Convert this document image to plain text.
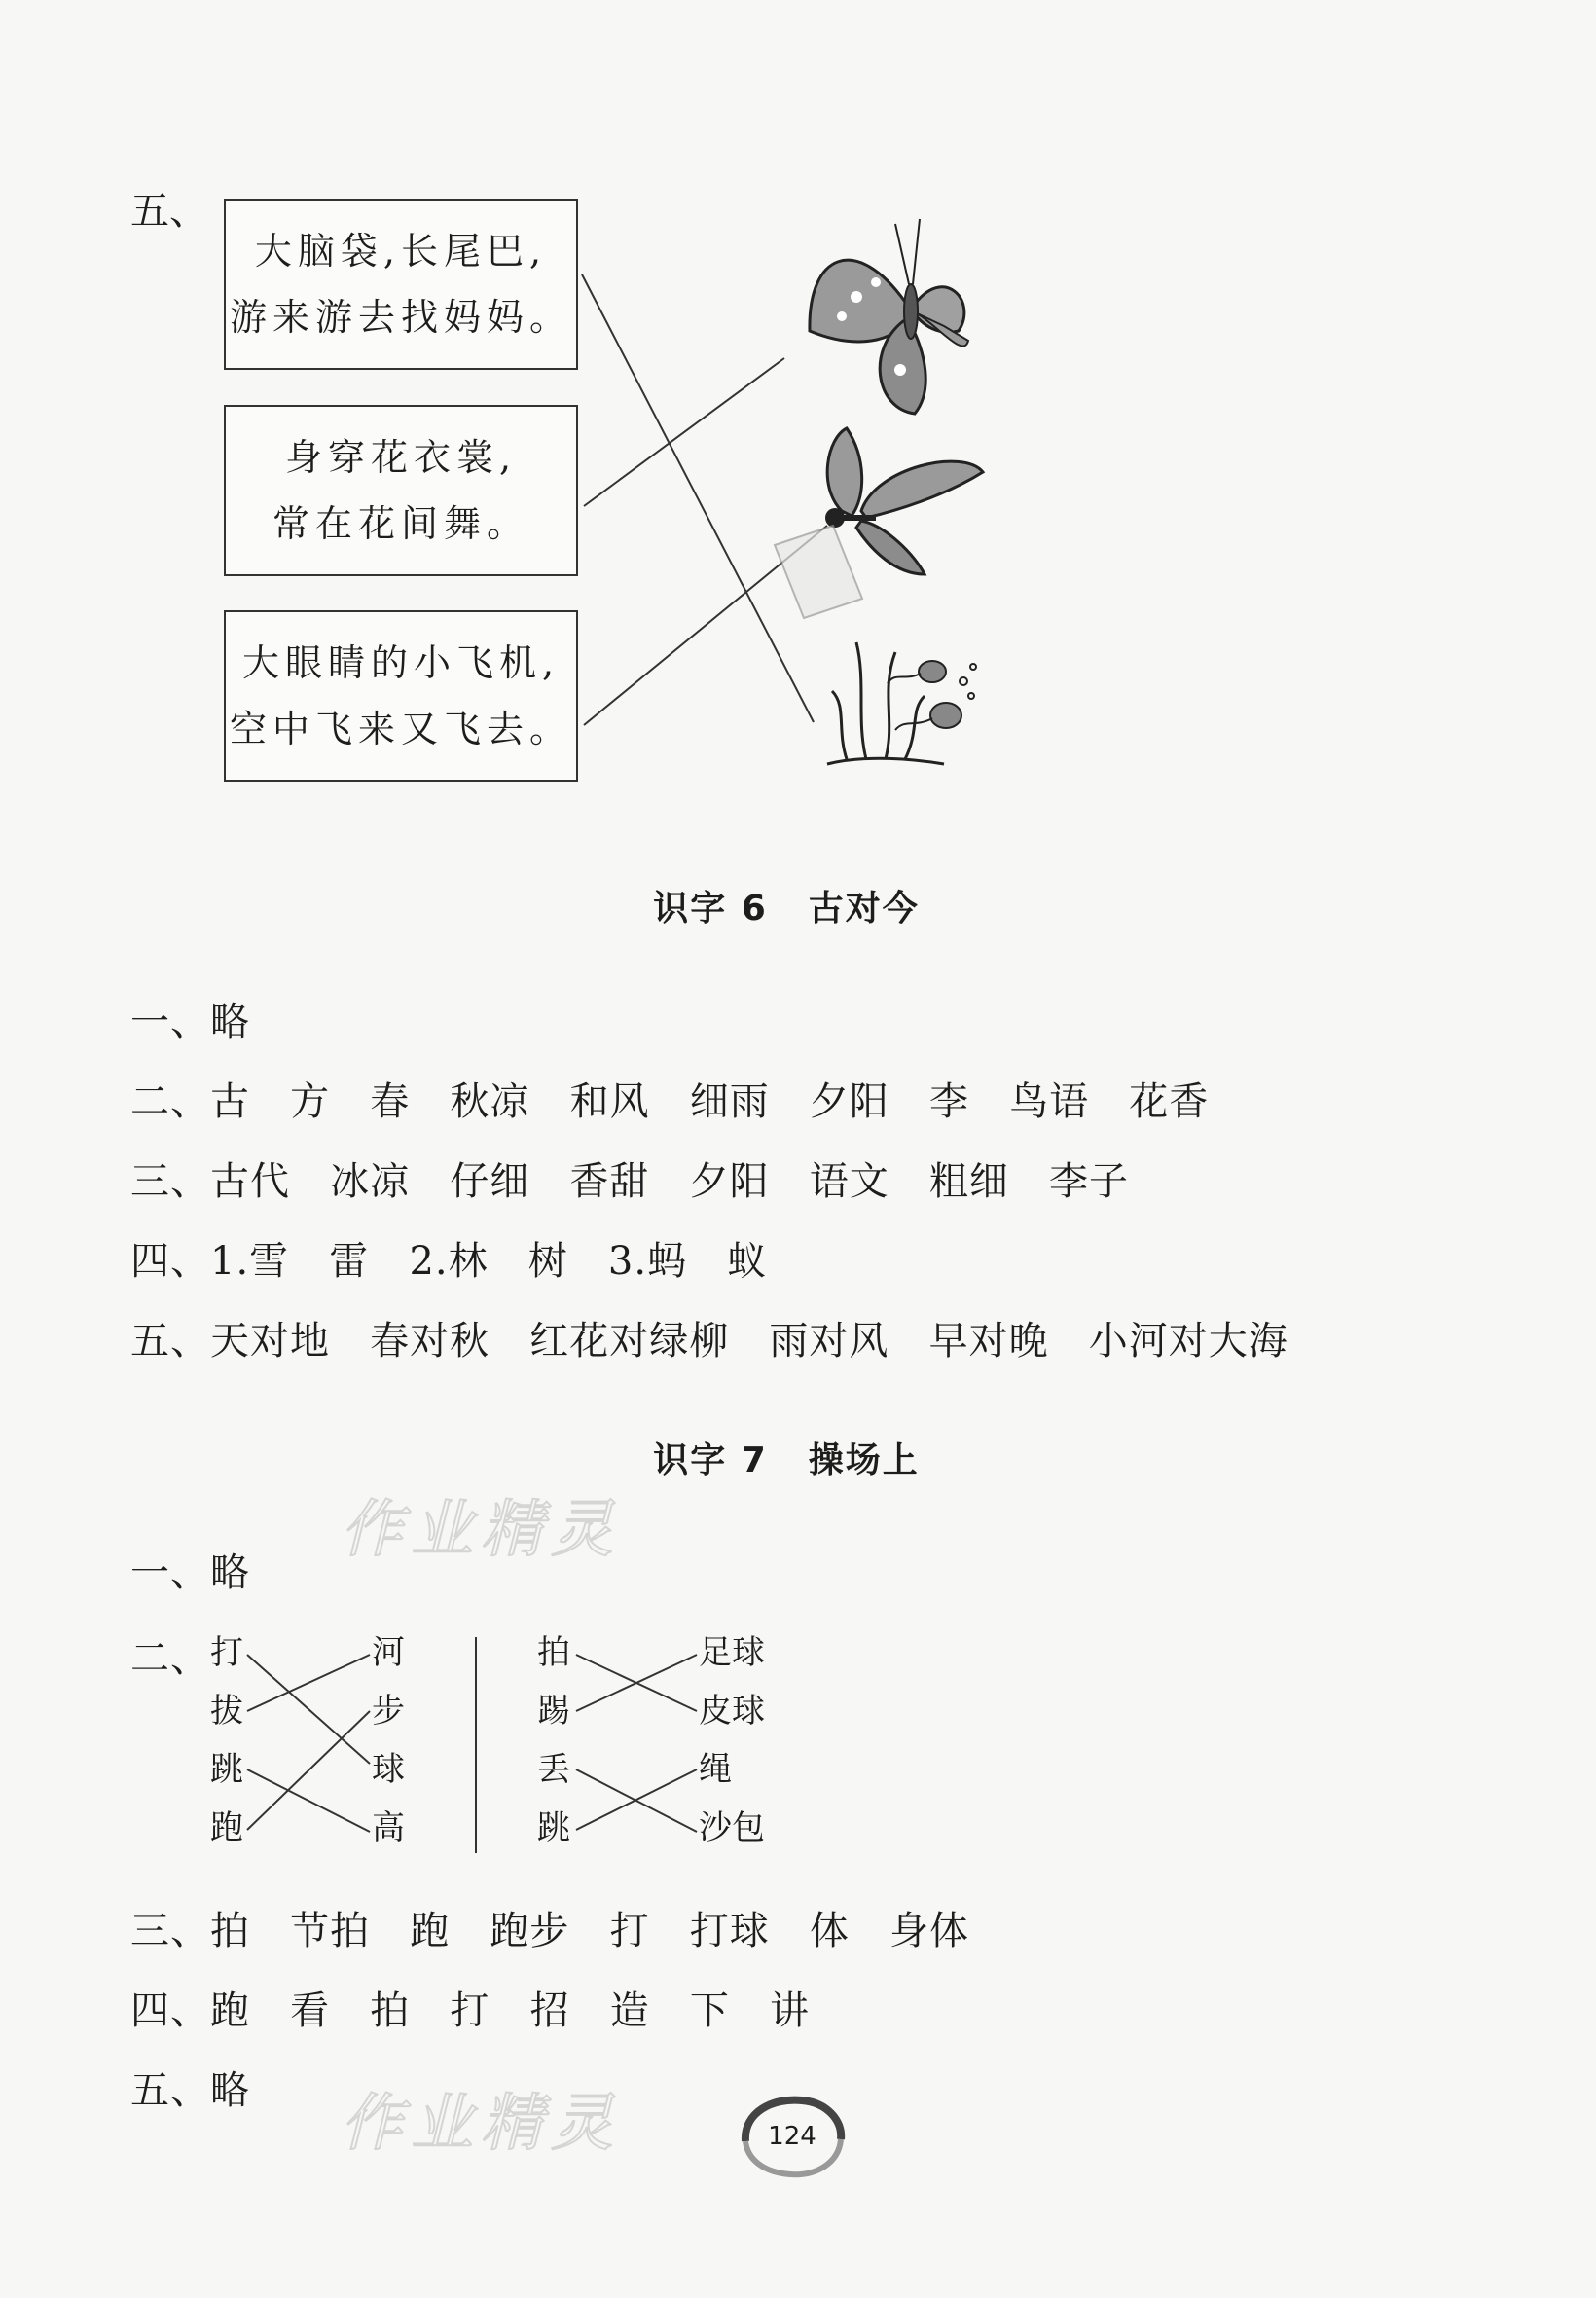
五、
大脑袋,长尾巴,
游来游去找妈妈。
身穿花衣裳,
常在花间舞。
大眼睛的小飞机,
空中飞来又飞去。
识字 6 古对今
一、略
二、古   方   春   秋凉   和风   细雨   夕阳   李   鸟语   花香
三、古代   冰凉   仔细   香甜   夕阳   语文   粗细   李子
四、1.雪   雷   2.林   树   3.蚂   蚁
五、天对地   春对秋   红花对绿柳   雨对风   早对晚   小河对大海
识字 7 操场上
作业精灵
一、略
二、 打
拔
跳
跑
河
步
球
高
拍
踢
丢
跳
足球
皮球
绳
沙包
三、拍   节拍   跑   跑步   打   打球   体   身体
四、跑   看   拍   打   招   造   下   讲
五、略 作业精灵	124
